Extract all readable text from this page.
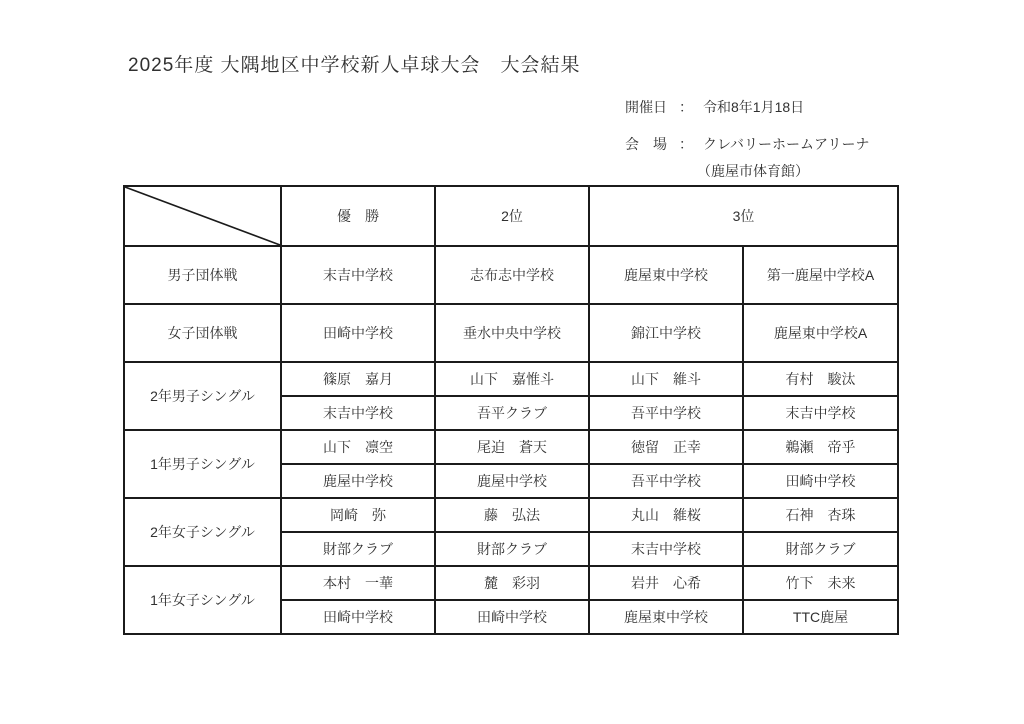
2025年度 大隅地区中学校新人卓球大会　大会結果
開催日 ： 令和8年1月18日
会　場 ： クレバリーホームアリーナ
（鹿屋市体育館）
	優　勝	2位	3位	
男子団体戦	末吉中学校	志布志中学校	鹿屋東中学校	第一鹿屋中学校A
女子団体戦	田崎中学校	垂水中央中学校	錦江中学校	鹿屋東中学校A
2年男子シングル	篠原　嘉月	山下　嘉惟斗	山下　維斗	有村　駿汰
	末吉中学校	吾平クラブ	吾平中学校	末吉中学校
1年男子シングル	山下　凛空	尾迫　蒼天	徳留　正幸	鵜瀬　帝乎
	鹿屋中学校	鹿屋中学校	吾平中学校	田崎中学校
2年女子シングル	岡崎　弥	藤　弘法	丸山　維桜	石神　杏珠
	財部クラブ	財部クラブ	末吉中学校	財部クラブ
1年女子シングル	本村　一華	麓　彩羽	岩井　心希	竹下　未来
	田崎中学校	田崎中学校	鹿屋東中学校	TTC鹿屋
